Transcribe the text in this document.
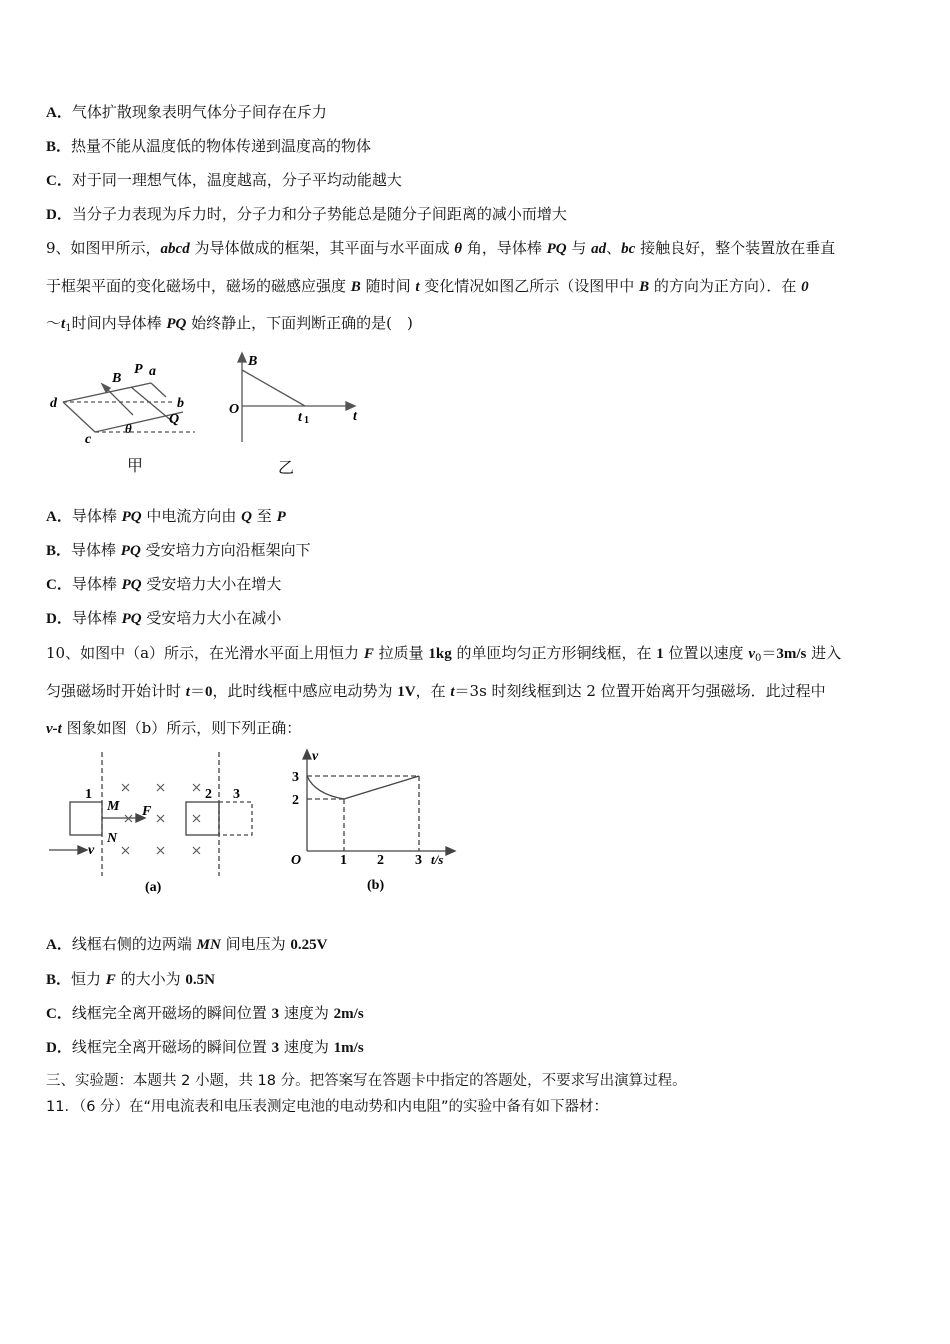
A．气体扩散现象表明气体分子间存在斥力
B．热量不能从温度低的物体传递到温度高的物体
C．对于同一理想气体，温度越高，分子平均动能越大
D．当分子力表现为斥力时，分子力和分子势能总是随分子间距离的减小而增大
9、如图甲所示，abcd 为导体做成的框架，其平面与水平面成 θ 角，导体棒 PQ 与 ad、bc 接触良好，整个装置放在垂直
于框架平面的变化磁场中，磁场的磁感应强度 B 随时间 t 变化情况如图乙所示（设图甲中 B 的方向为正方向）．在 0
$\sim t_1$时间内导体棒 PQ 始终静止，下面判断正确的是(　)
B
P a
d	b
Q
c
θ
甲
B
O
t 1	t
乙
A．导体棒 PQ 中电流方向由 Q 至 P
B．导体棒 PQ 受安培力方向沿框架向下
C．导体棒 PQ 受安培力大小在增大
D．导体棒 PQ 受安培力大小在减小
10、如图中（a）所示，在光滑水平面上用恒力 F 拉质量 1kg 的单匝均匀正方形铜线框，在 1 位置以速度 $v_0=3m/s$ 进入
匀强磁场时开始计时 t＝0，此时线框中感应电动势为 1V，在 t＝3s 时刻线框到达 2 位置开始离开匀强磁场．此过程中
v-t 图象如图（b）所示，则下列正确：
1	2 3
M
N
F
v
(a)
v
3
2
O	1 2 3 t/s
(b)
A．线框右侧的边两端 MN 间电压为 0.25V
B．恒力 F 的大小为 0.5N
C．线框完全离开磁场的瞬间位置 3 速度为 2m/s
D．线框完全离开磁场的瞬间位置 3 速度为 1m/s
三、实验题：本题共 2 小题，共 18 分。把答案写在答题卡中指定的答题处，不要求写出演算过程。
11．（6 分）在“用电流表和电压表测定电池的电动势和内电阻”的实验中备有如下器材：
